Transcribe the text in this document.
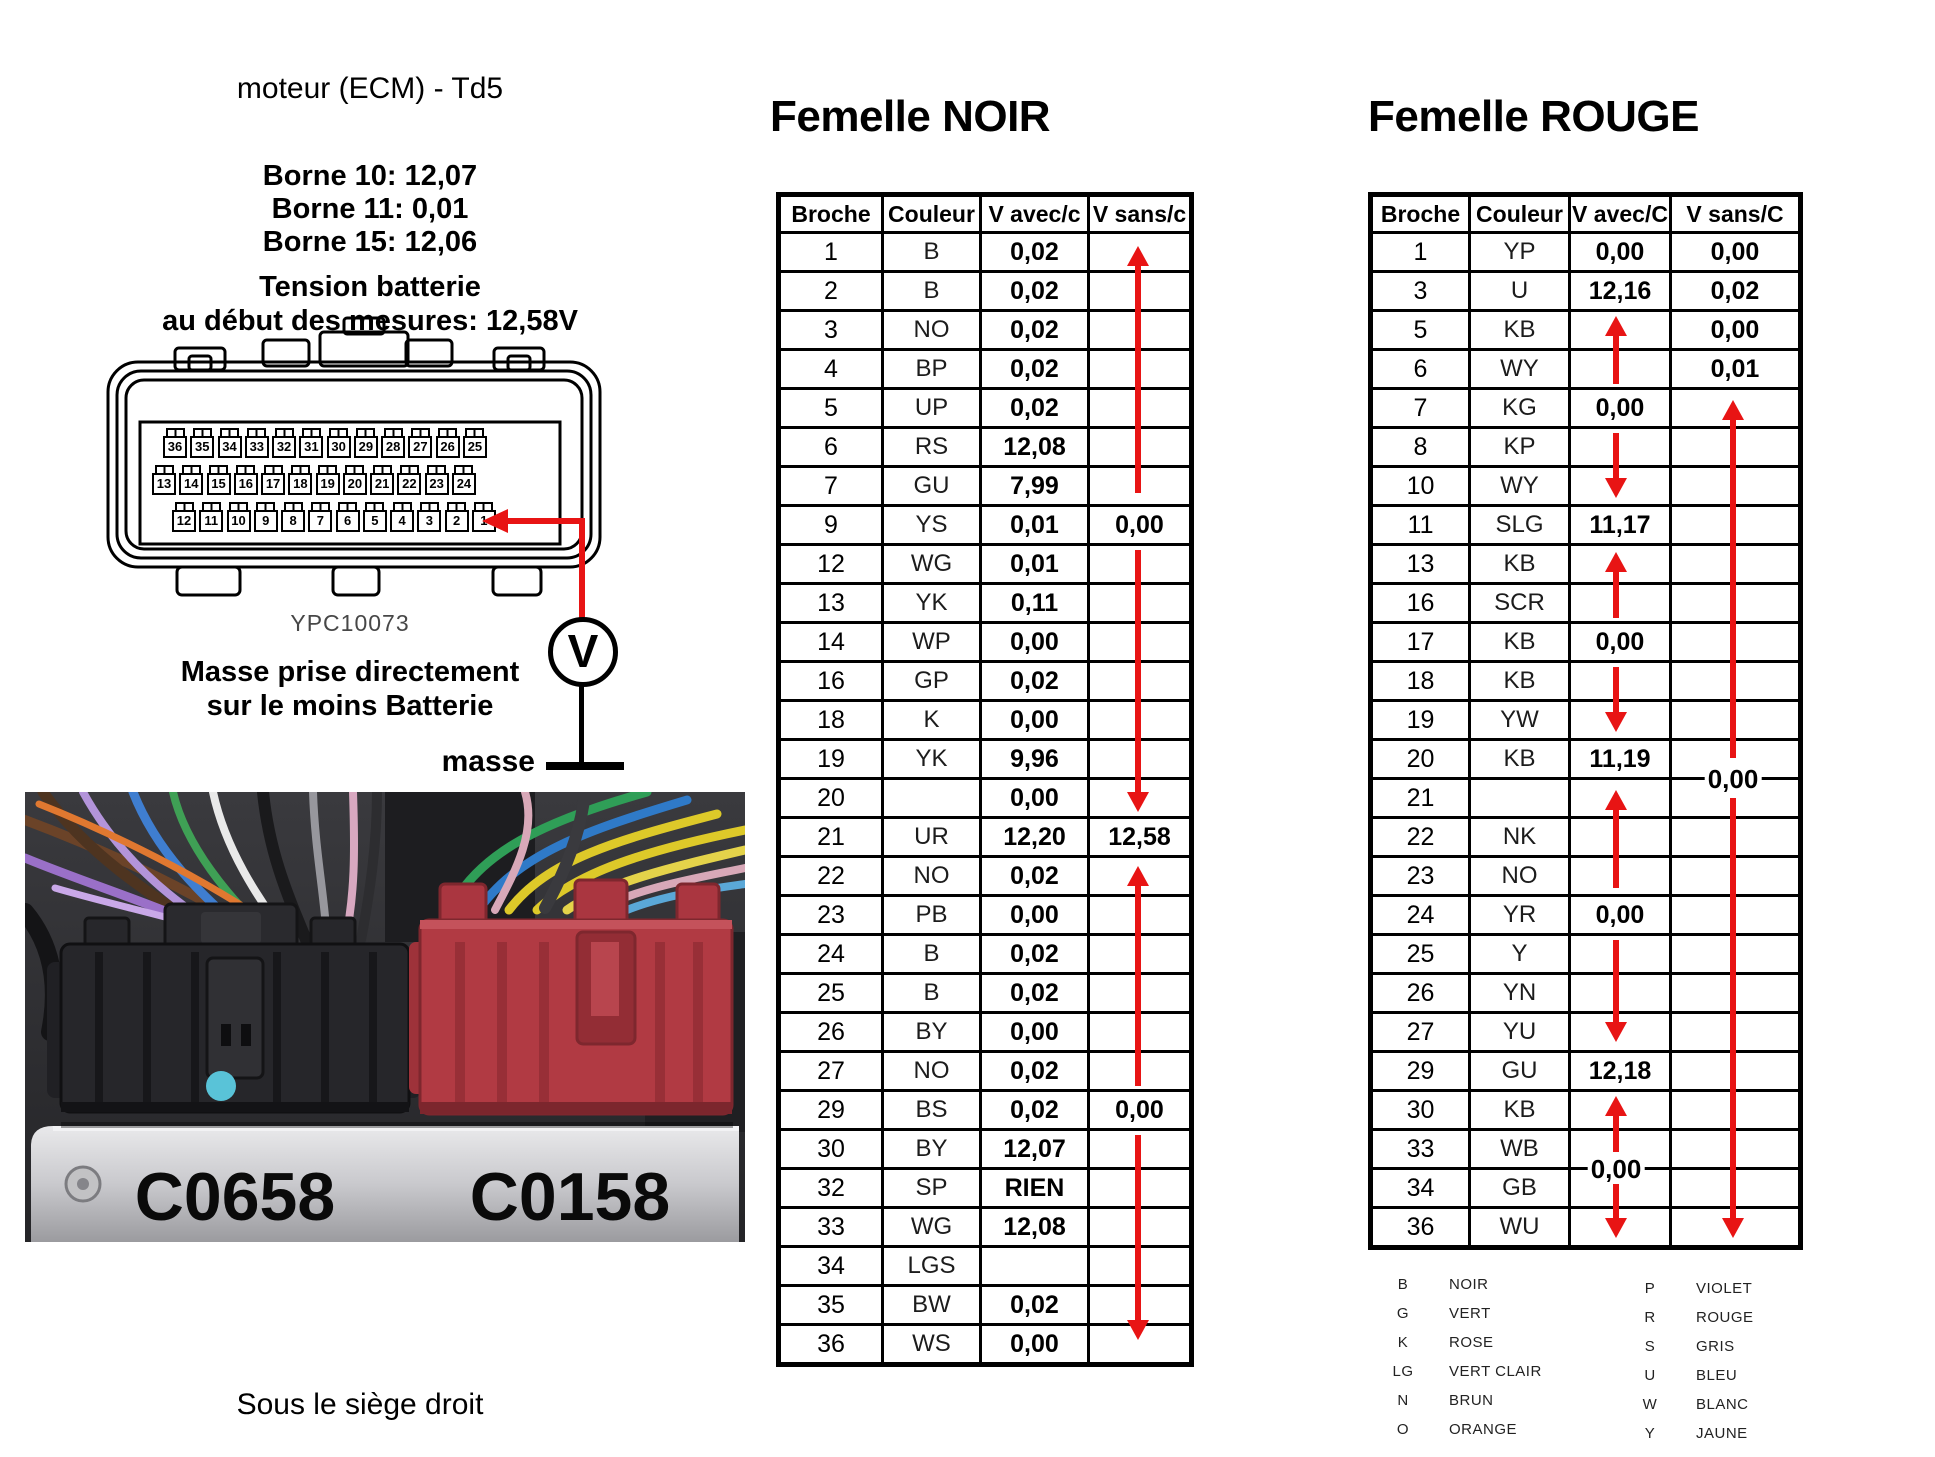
moteur (ECM) - Td5
Borne 10: 12,07
Borne 11: 0,01
Borne 15: 12,06
Tension batterie
au début des mesures: 12,58V
36 35 34 33 32 31 30 29 28 27 26 25
13 14 15 16 17 18 19 20 21 22 23 24
12	11	10	9	8	7	6	5	4	3	2	1
YPC10073
Masse prise directement
sur le moins Batterie
V
masse
C0658 C0158
Sous le siège droit
Femelle NOIR
Broche	Couleur	V avec/c	V sans/c
1	B	0,02	
2	B	0,02	
3	NO	0,02	
4	BP	0,02	
5	UP	0,02	
6	RS	12,08	
7	GU	7,99	
9	YS	0,01	0,00
12	WG	0,01	
13	YK	0,11	
14	WP	0,00	
16	GP	0,02	
18	K	0,00	
19	YK	9,96	
20		0,00	
21	UR	12,20	12,58
22	NO	0,02	
23	PB	0,00	
24	B	0,02	
25	B	0,02	
26	BY	0,00	
27	NO	0,02	
29	BS	0,02	0,00
30	BY	12,07	
32	SP	RIEN	
33	WG	12,08	
34	LGS		
35	BW	0,02	
36	WS	0,00	
Femelle ROUGE
Broche	Couleur	V avec/C	V sans/C
1	YP	0,00	0,00
3	U	12,16	0,02
5	KB		0,00
6	WY		0,01
7	KG	0,00	
8	KP		
10	WY		
11	SLG	11,17	
13	KB		
16	SCR		
17	KB	0,00	
18	KB		
19	YW		
20	KB	11,19	
21			
22	NK		
23	NO		
24	YR	0,00	
25	Y		
26	YN		
27	YU		
29	GU	12,18	
30	KB		
33	WB		
34	GB		
36	WU		
0,00
0,00
B	NOIR
G	VERT
K	ROSE
LG	VERT CLAIR
N	BRUN
O	ORANGE
P	VIOLET
R	ROUGE
S	GRIS
U	BLEU
W	BLANC
Y	JAUNE
